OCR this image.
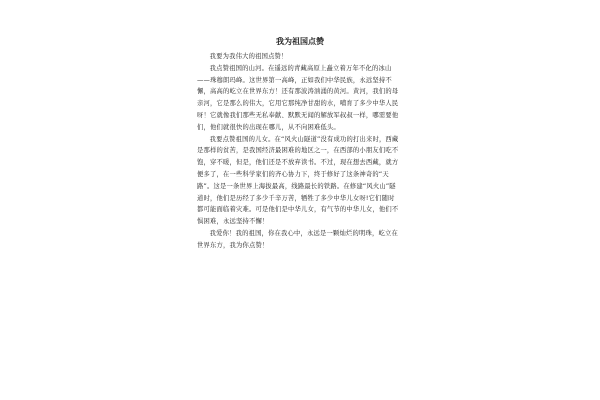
我为祖国点赞

我要为我伟大的祖国点赞！

我点赞祖国的山河。在遥远的青藏高原上矗立着万年不化的冰山——珠穆朗玛峰。这世界第一高峰，正如我们中华民族，永远坚持不懈，高高的屹立在世界东方！还有那波涛汹涌的黄河。黄河，我们的母亲河，它是那么的伟大，它用它那纯净甘甜的水，哺育了多少中华人民呀！它就像我们那些无私奉献、默默无闻的解放军叔叔一样，哪需要他们，他们就很快的出现在哪儿，从不向困难低头。

我要点赞祖国的儿女。在“风火山隧道”没有成功的打出来时，西藏是那样的贫苦，是我国经济最困难的地区之一，在西部的小朋友们吃不饱，穿不暖，但是，他们还是不放弃读书。不过，现在想去西藏，就方便多了，在一些科学家们的齐心协力下，终于修好了这条神奇的“天路”。这是一条世界上海拔最高，线路最长的铁路。在修建“风火山”隧道时，他们是历经了多少千辛万苦，牺牲了多少中华儿女呀!它们随时都可能面临着灾难。可是他们是中华儿女，有气节的中华儿女，他们不惧困难，永远坚持不懈！

我爱你！我的祖国，你在我心中，永远是一颗灿烂的明珠，屹立在世界东方，我为你点赞！
